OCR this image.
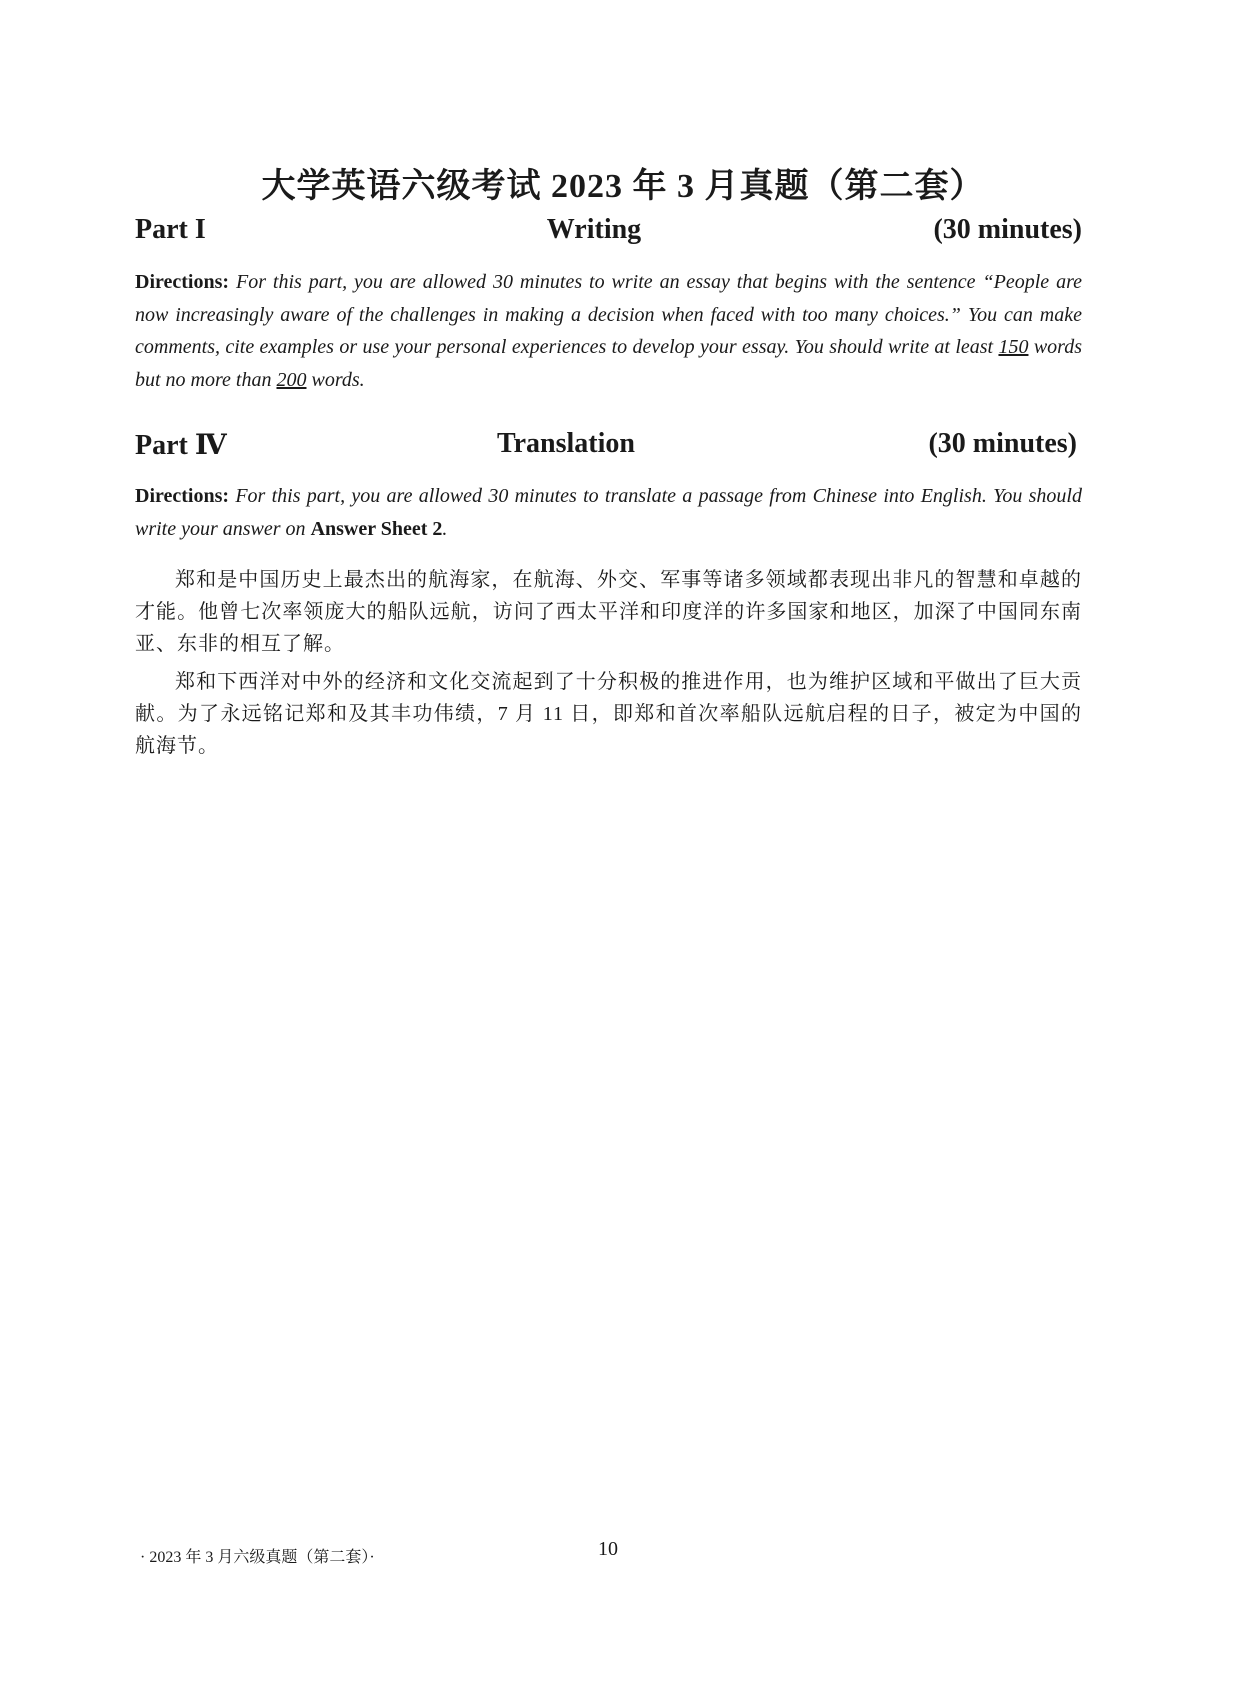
大学英语六级考试 2023 年 3 月真题（第二套）
Part I	Writing	(30 minutes)
Directions: For this part, you are allowed 30 minutes to write an essay that begins with the sentence “People are now increasingly aware of the challenges in making a decision when faced with too many choices.” You can make comments, cite examples or use your personal experiences to develop your essay. You should write at least 150 words but no more than 200 words.
Part Ⅳ	Translation	(30 minutes)
Directions: For this part, you are allowed 30 minutes to translate a passage from Chinese into English. You should write your answer on Answer Sheet 2.
郑和是中国历史上最杰出的航海家，在航海、外交、军事等诸多领域都表现出非凡的智慧和卓越的才能。他曾七次率领庞大的船队远航，访问了西太平洋和印度洋的许多国家和地区，加深了中国同东南亚、东非的相互了解。
郑和下西洋对中外的经济和文化交流起到了十分积极的推进作用，也为维护区域和平做出了巨大贡献。为了永远铭记郑和及其丰功伟绩，7 月 11 日，即郑和首次率船队远航启程的日子，被定为中国的航海节。
· 2023 年 3 月六级真题（第二套）·	10
